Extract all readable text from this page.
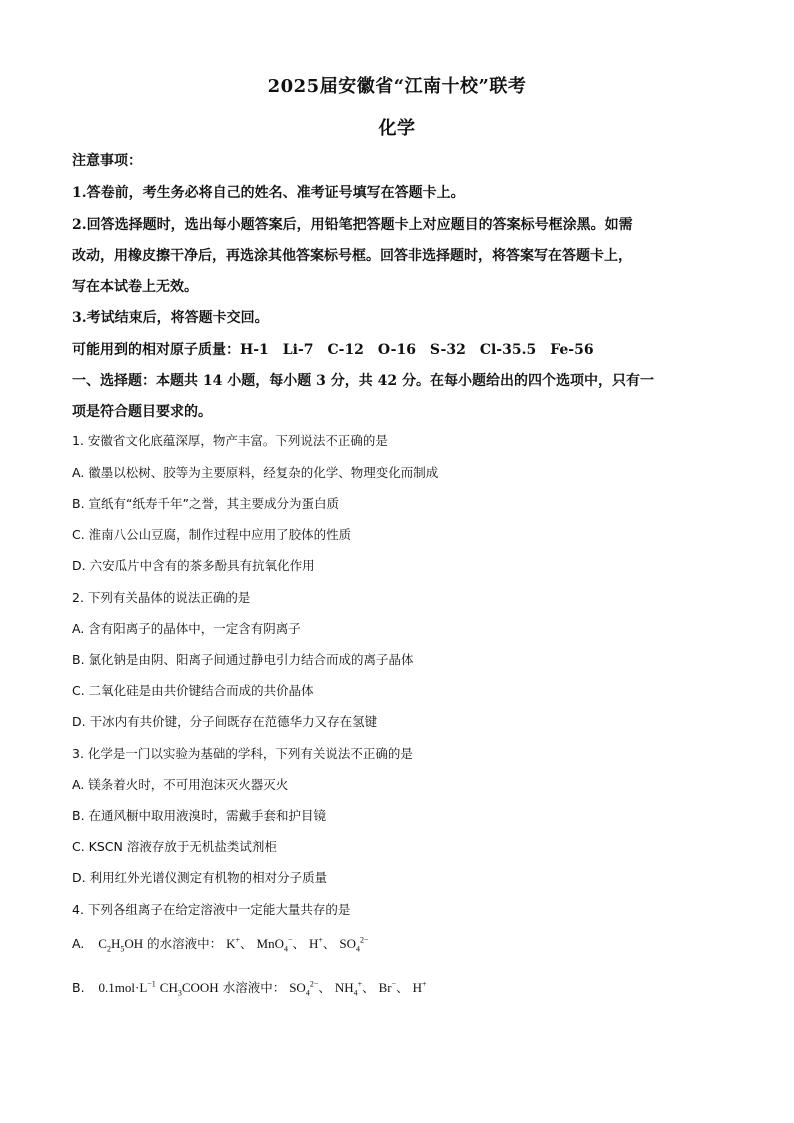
2025届安徽省“江南十校”联考
化学
注意事项：
1.答卷前，考生务必将自己的姓名、准考证号填写在答题卡上。
2.回答选择题时，选出每小题答案后，用铅笔把答题卡上对应题目的答案标号框涂黑。如需
改动，用橡皮擦干净后，再选涂其他答案标号框。回答非选择题时，将答案写在答题卡上，
写在本试卷上无效。
3.考试结束后，将答题卡交回。
可能用到的相对原子质量：H-1　Li-7　C-12　O-16　S-32　Cl-35.5　Fe-56
一、选择题：本题共 14 小题，每小题 3 分，共 42 分。在每小题给出的四个选项中，只有一
项是符合题目要求的。
1. 安徽省文化底蕴深厚，物产丰富。下列说法不正确的是
A. 徽墨以松树、胶等为主要原料，经复杂的化学、物理变化而制成
B. 宣纸有“纸寿千年”之誉，其主要成分为蛋白质
C. 淮南八公山豆腐，制作过程中应用了胶体的性质
D. 六安瓜片中含有的茶多酚具有抗氧化作用
2. 下列有关晶体的说法正确的是
A. 含有阳离子的晶体中，一定含有阴离子
B. 氯化钠是由阴、阳离子间通过静电引力结合而成的离子晶体
C. 二氧化硅是由共价键结合而成的共价晶体
D. 干冰内有共价键，分子间既存在范德华力又存在氢键
3. 化学是一门以实验为基础的学科，下列有关说法不正确的是
A. 镁条着火时，不可用泡沫灭火器灭火
B. 在通风橱中取用液溴时，需戴手套和护目镜
C. KSCN 溶液存放于无机盐类试剂柜
D. 利用红外光谱仪测定有机物的相对分子质量
4. 下列各组离子在给定溶液中一定能大量共存的是
A. $C_2H_5OH$ 的水溶液中： K+、 MnO$_4$−、 H+、 $SO_4^{2-}$
B. $0.1mol\cdot L^{-1}$ $CH_3COOH$ 水溶液中： $SO_4^{2-}$、 $NH_4^+$、 Br−、 H+
